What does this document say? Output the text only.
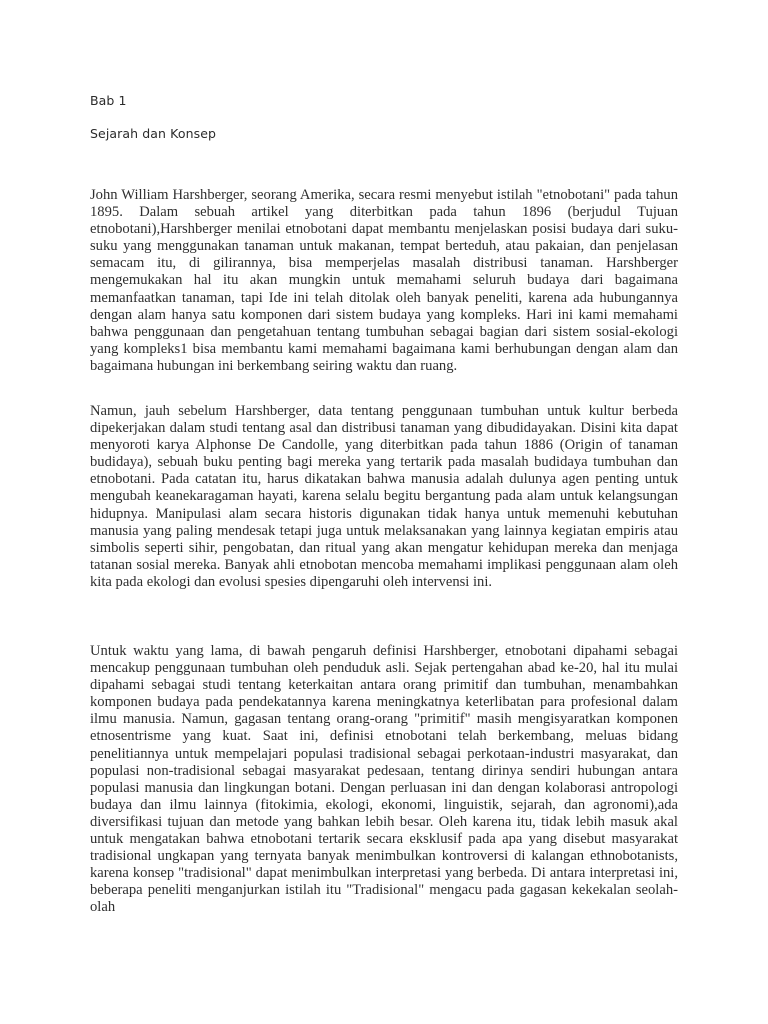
Bab 1
Sejarah dan Konsep

John William Harshberger, seorang Amerika, secara resmi menyebut istilah "etnobotani" pada tahun 1895. Dalam sebuah artikel yang diterbitkan pada tahun 1896 (berjudul Tujuan etnobotani),Harshberger menilai etnobotani dapat membantu menjelaskan posisi budaya dari suku-suku yang menggunakan tanaman untuk makanan, tempat berteduh, atau pakaian, dan penjelasan semacam itu, di gilirannya, bisa memperjelas masalah distribusi tanaman. Harshberger mengemukakan hal itu akan mungkin untuk memahami seluruh budaya dari bagaimana memanfaatkan tanaman, tapi Ide ini telah ditolak oleh banyak peneliti, karena ada hubungannya dengan alam hanya satu komponen dari sistem budaya yang kompleks. Hari ini kami memahami bahwa penggunaan dan pengetahuan tentang tumbuhan sebagai bagian dari sistem sosial-ekologi yang kompleks1 bisa membantu kami memahami bagaimana kami berhubungan dengan alam dan bagaimana hubungan ini berkembang seiring waktu dan ruang.

Namun, jauh sebelum Harshberger, data tentang penggunaan tumbuhan untuk kultur berbeda dipekerjakan dalam studi tentang asal dan distribusi tanaman yang dibudidayakan. Disini kita dapat menyoroti karya Alphonse De Candolle, yang diterbitkan pada tahun 1886 (Origin of tanaman budidaya), sebuah buku penting bagi mereka yang tertarik pada masalah budidaya tumbuhan dan etnobotani. Pada catatan itu, harus dikatakan bahwa manusia adalah dulunya agen penting untuk mengubah keanekaragaman hayati, karena selalu begitu bergantung pada alam untuk kelangsungan hidupnya. Manipulasi alam secara historis digunakan tidak hanya untuk memenuhi kebutuhan manusia yang paling mendesak tetapi juga untuk melaksanakan yang lainnya kegiatan empiris atau simbolis seperti sihir, pengobatan, dan ritual yang akan mengatur kehidupan mereka dan menjaga tatanan sosial mereka. Banyak ahli etnobotan mencoba memahami implikasi penggunaan alam oleh kita pada ekologi dan evolusi spesies dipengaruhi oleh intervensi ini.

Untuk waktu yang lama, di bawah pengaruh definisi Harshberger, etnobotani dipahami sebagai mencakup penggunaan tumbuhan oleh penduduk asli. Sejak pertengahan abad ke-20, hal itu mulai dipahami sebagai studi tentang keterkaitan antara orang primitif dan tumbuhan, menambahkan komponen budaya pada pendekatannya karena meningkatnya keterlibatan para profesional dalam ilmu manusia. Namun, gagasan tentang orang-orang "primitif" masih mengisyaratkan komponen etnosentrisme yang kuat. Saat ini, definisi etnobotani telah berkembang, meluas bidang penelitiannya untuk mempelajari populasi tradisional sebagai perkotaan-industri masyarakat, dan populasi non-tradisional sebagai masyarakat pedesaan, tentang dirinya sendiri hubungan antara populasi manusia dan lingkungan botani. Dengan perluasan ini dan dengan kolaborasi antropologi budaya dan ilmu lainnya (fitokimia, ekologi, ekonomi, linguistik, sejarah, dan agronomi),ada diversifikasi tujuan dan metode yang bahkan lebih besar. Oleh karena itu, tidak lebih masuk akal untuk mengatakan bahwa etnobotani tertarik secara eksklusif pada apa yang disebut masyarakat tradisional ungkapan yang ternyata banyak menimbulkan kontroversi di kalangan ethnobotanists, karena konsep "tradisional" dapat menimbulkan interpretasi yang berbeda. Di antara interpretasi ini, beberapa peneliti menganjurkan istilah itu "Tradisional" mengacu pada gagasan kekekalan seolah-olah
